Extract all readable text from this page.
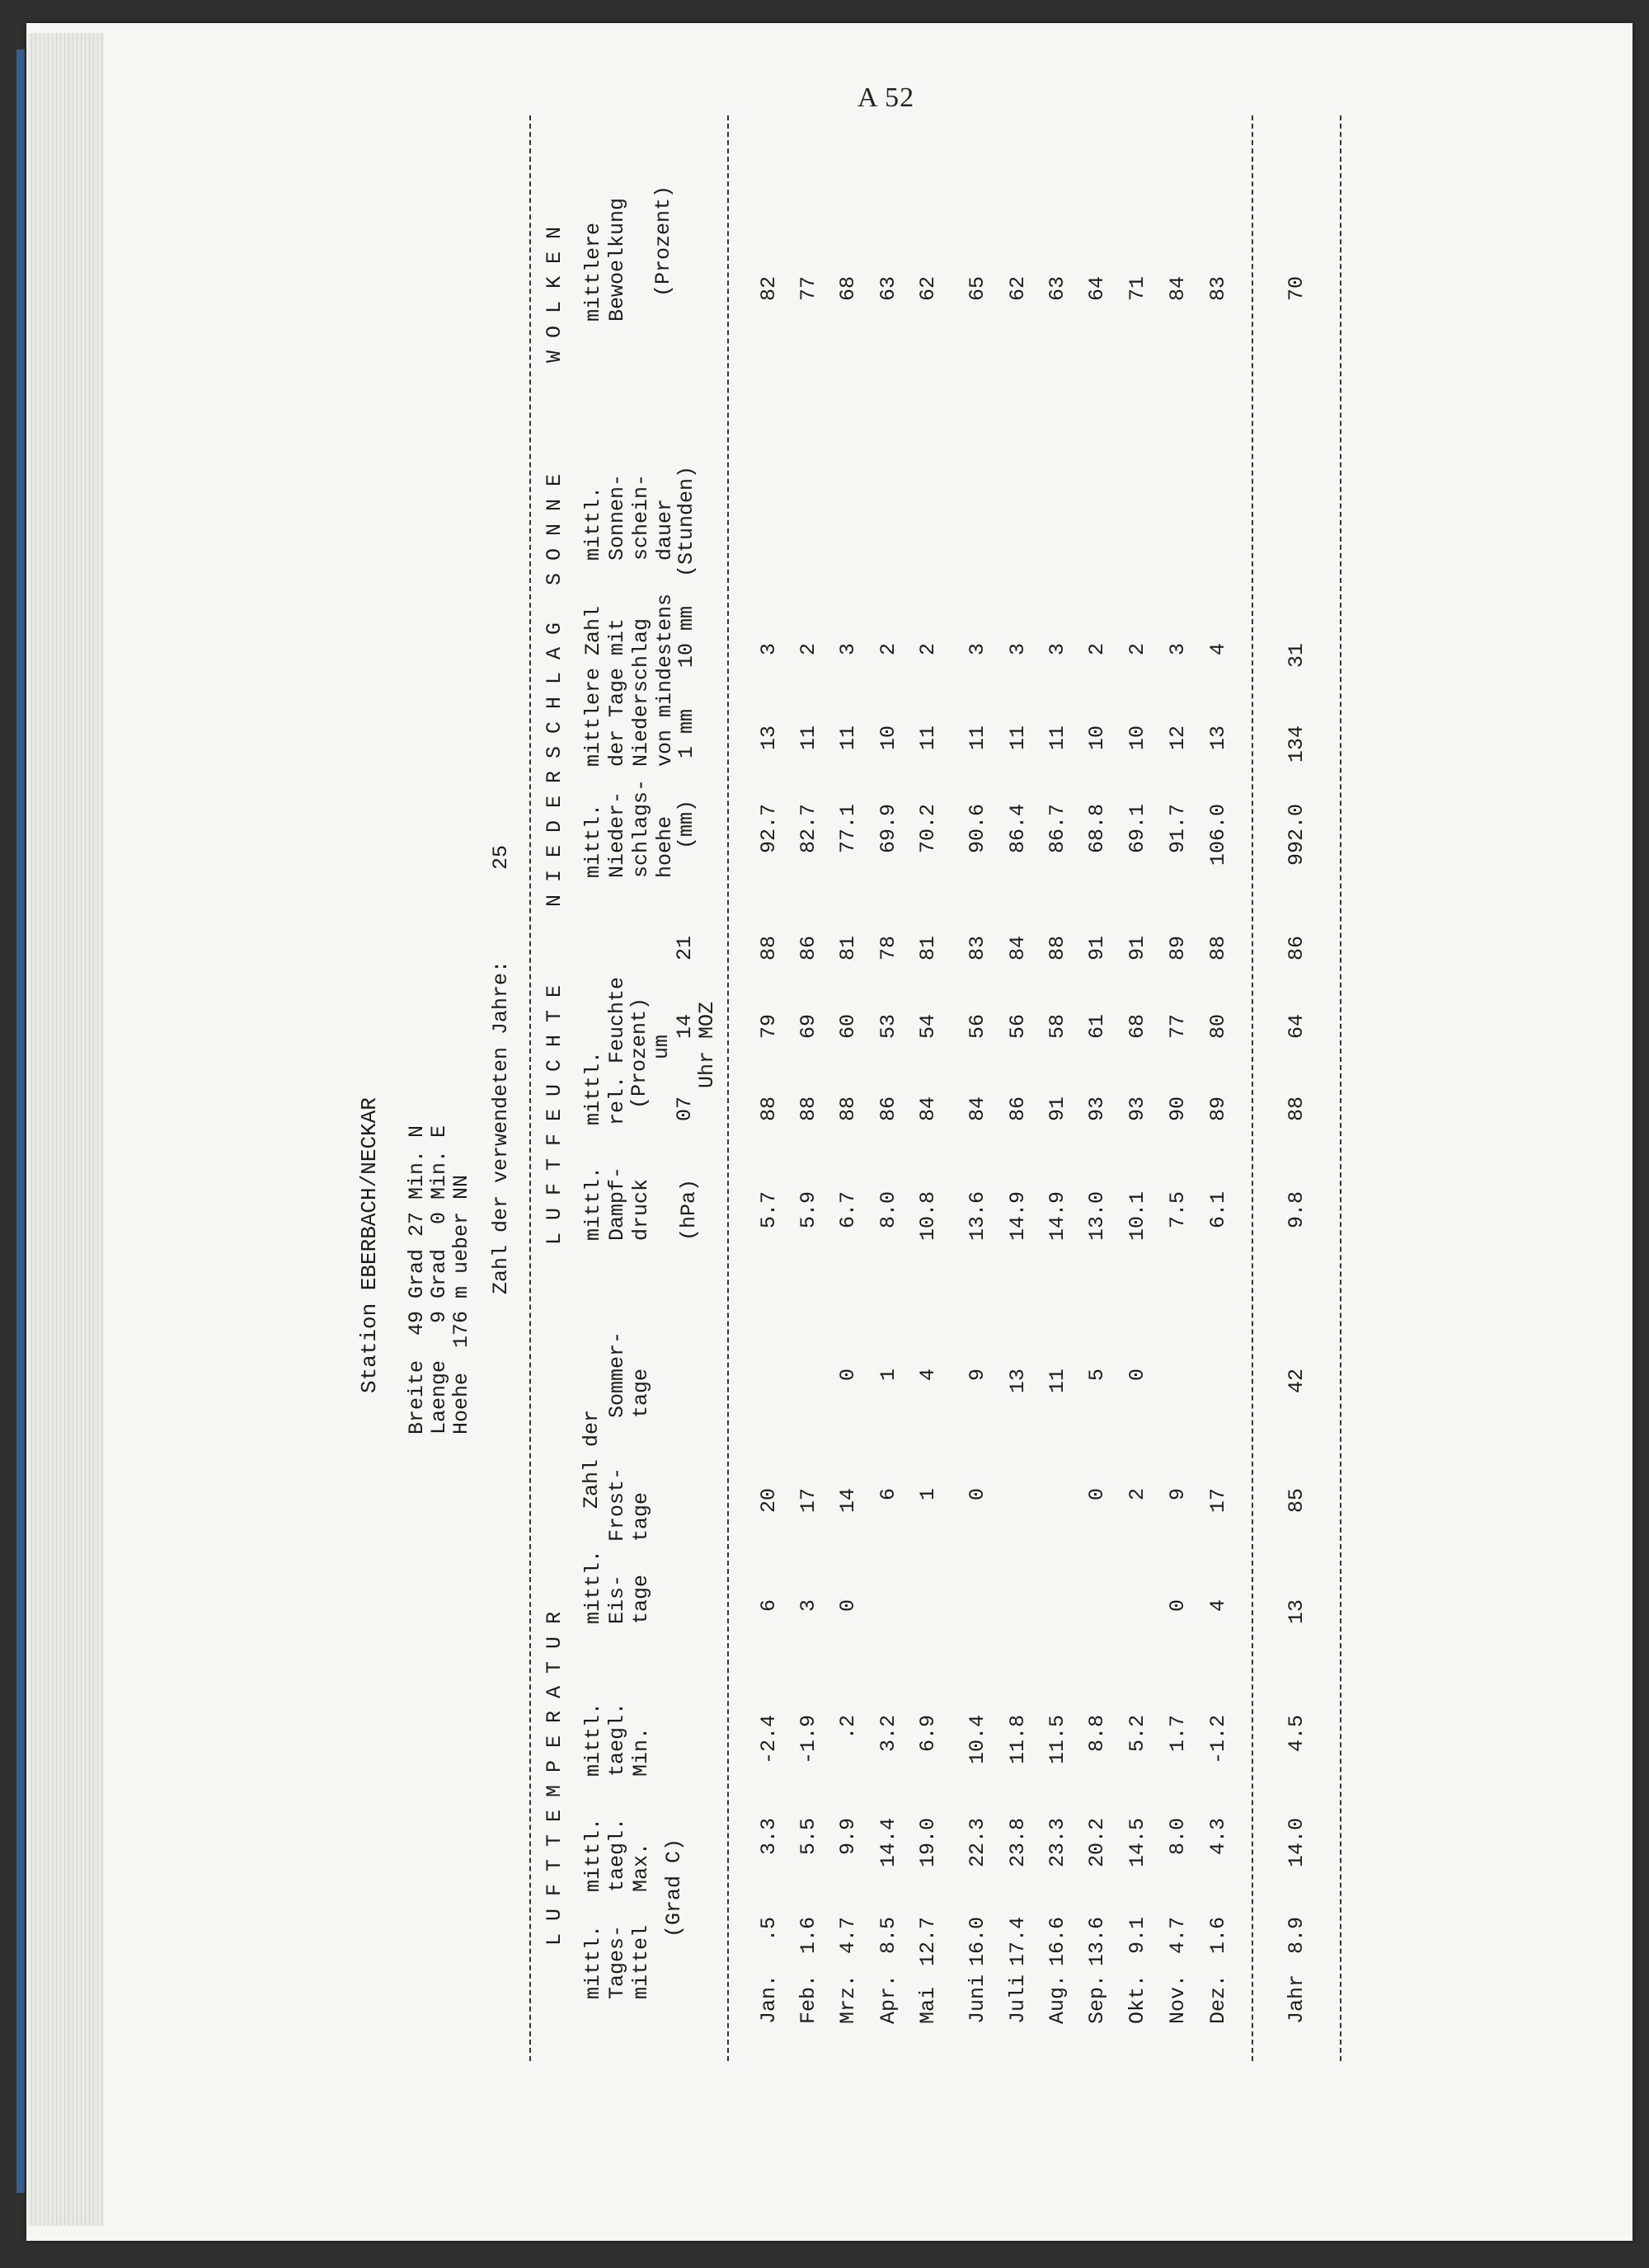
A 52
Station EBERBACH/NECKAR Breite  49 Grad 27 Min. N
Laenge   9 Grad  0 Min. E
Hoehe  176 m ueber NN
Zahl der verwendeten Jahre:
25
L U F T T E M P E R A T U R
L U F T F E U C H T E
N I E D E R S C H L A G
S O N N E
W O L K E N
mittl. Tages- mittel
mittl. taegl. Max. (Grad C)
mittl. taegl. Min.
mittl. Eis- tage
Zahl der Frost- tage
Sommer- tage
mittl. Dampf- druck
(hPa)
mittl. rel. Feuchte
(Prozent)
um
07
14
21
Uhr MOZ
mittl. Nieder- schlags- hoehe
(mm)
mittlere Zahl der Tage mit Niederschlag von mindestens
1 mm
10 mm
mittl. Sonnen- schein- dauer
(Stunden)
mittlere Bewoelkung (Prozent)
Jan.
.5
3.3
-2.4
6
20
5.7
88
79
88
92.7
13
3
82
Feb.
1.6
5.5
-1.9
3
17
5.9
88
69
86
82.7
11
2
77
Mrz.
4.7
9.9
.2
0
14
0
6.7
88
60
81
77.1
11
3
68
Apr.
8.5
14.4
3.2
6
1
8.0
86
53
78
69.9
10
2
63
Mai
12.7
19.0
6.9
1
4
10.8
84
54
81
70.2
11
2
62
Juni
16.0
22.3
10.4
0
9
13.6
84
56
83
90.6
11
3
65
Juli
17.4
23.8
11.8
13
14.9
86
56
84
86.4
11
3
62
Aug.
16.6
23.3
11.5
11
14.9
91
58
88
86.7
11
3
63
Sep.
13.6
20.2
8.8
0
5
13.0
93
61
91
68.8
10
2
64
Okt.
9.1
14.5
5.2
2
0
10.1
93
68
91
69.1
10
2
71
Nov.
4.7
8.0
1.7
0
9
7.5
90
77
89
91.7
12
3
84
Dez.
1.6
4.3
-1.2
4
17
6.1
89
80
88
106.0
13
4
83
Jahr
8.9
14.0
4.5
13
85
42
9.8
88
64
86
992.0
134
31
70
